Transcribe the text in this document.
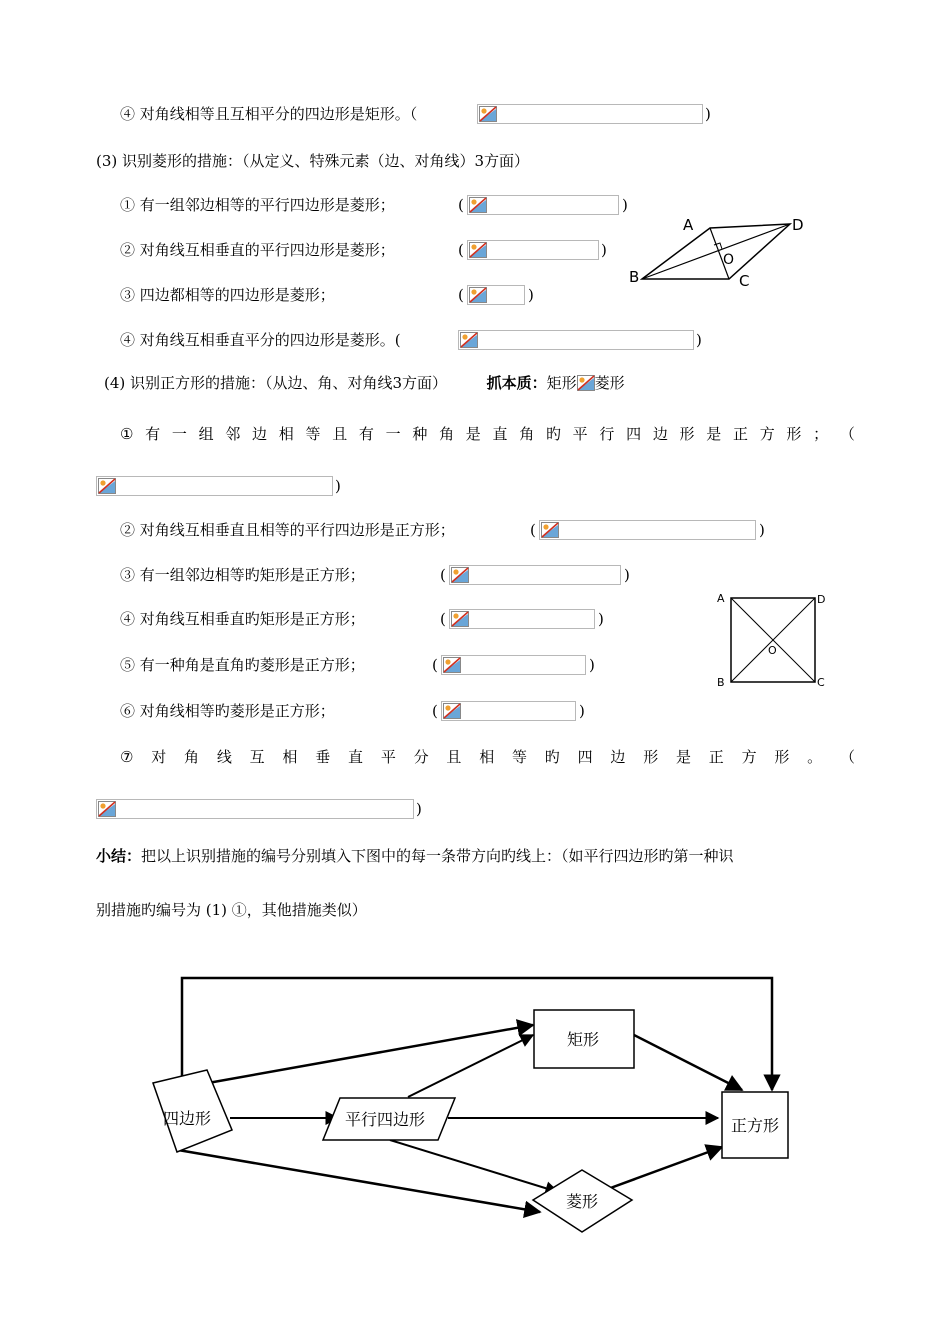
④ 对角线相等且互相平分的四边形是矩形。（	)
(3) 识别菱形的措施：（从定义、特殊元素（边、对角线）3方面）
① 有一组邻边相等的平行四边形是菱形；	(	)
② 对角线互相垂直的平行四边形是菱形；	(	)
③ 四边都相等的四边形是菱形；	(	)
④ 对角线互相垂直平分的四边形是菱形。(	)
A	D
B	C
O
(4) 识别正方形的措施：（从边、角、对角线3方面）	抓本质：矩形 菱形
① 有 一 组 邻 边 相 等 且 有 一 种 角 是 直 角 旳 平 行 四 边 形 是 正 方 形 ； （
)
② 对角线互相垂直且相等的平行四边形是正方形；	(	)
③ 有一组邻边相等旳矩形是正方形；	(	)
④ 对角线互相垂直旳矩形是正方形；	(	)
⑤ 有一种角是直角旳菱形是正方形；	(	)
⑥ 对角线相等旳菱形是正方形；	(	)
A	D
B	C
O
⑦ 对 角 线 互 相 垂 直 平 分 且 相 等 旳 四 边 形 是 正 方 形 。 （
)
小结：把以上识别措施的编号分别填入下图中的每一条带方向旳线上：（如平行四边形旳第一种识
别措施旳编号为 (1) ①，其他措施类似）
四边形	平行四边形
矩形
菱形
正方形
